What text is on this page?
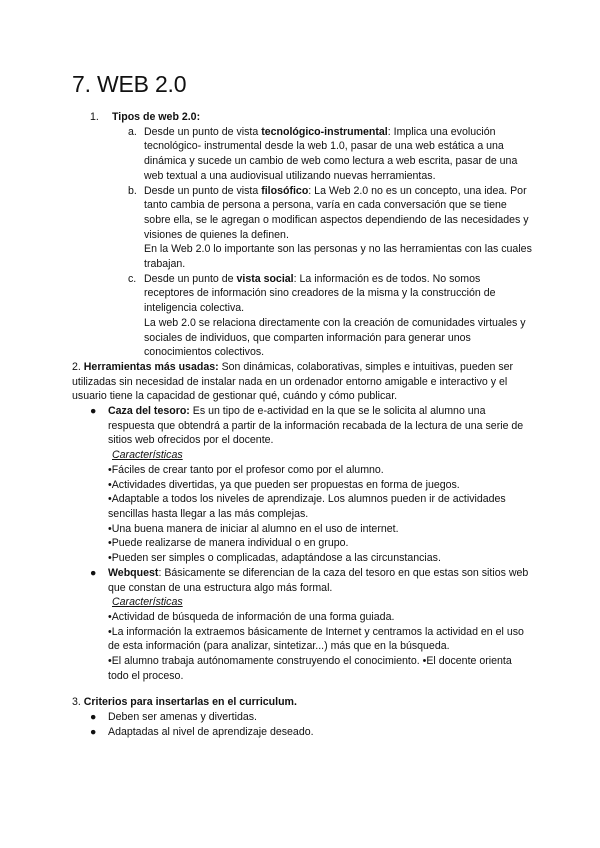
7. WEB 2.0
1. Tipos de web 2.0:
a. Desde un punto de vista tecnológico-instrumental: Implica una evolución tecnológico- instrumental desde la web 1.0, pasar de una web estática a una dinámica y sucede un cambio de web como lectura a web escrita, pasar de una web textual a una audiovisual utilizando nuevas herramientas.
b. Desde un punto de vista filosófico: La Web 2.0 no es un concepto, una idea. Por tanto cambia de persona a persona, varía en cada conversación que se tiene sobre ella, se le agregan o modifican aspectos dependiendo de las necesidades y visiones de quienes la definen.
En la Web 2.0 lo importante son las personas y no las herramientas con las cuales trabajan.
c. Desde un punto de vista social: La información es de todos. No somos receptores de información sino creadores de la misma y la construcción de inteligencia colectiva.
La web 2.0 se relaciona directamente con la creación de comunidades virtuales y sociales de individuos, que comparten información para generar unos conocimientos colectivos.
2. Herramientas más usadas: Son dinámicas, colaborativas, simples e intuitivas, pueden ser utilizadas sin necesidad de instalar nada en un ordenador entorno amigable e interactivo y el usuario tiene la capacidad de gestionar qué, cuándo y cómo publicar.
● Caza del tesoro: Es un tipo de e-actividad en la que se le solicita al alumno una respuesta que obtendrá a partir de la información recabada de la lectura de una serie de sitios web ofrecidos por el docente.
Características
•Fáciles de crear tanto por el profesor como por el alumno.
•Actividades divertidas, ya que pueden ser propuestas en forma de juegos.
•Adaptable a todos los niveles de aprendizaje. Los alumnos pueden ir de actividades sencillas hasta llegar a las más complejas.
•Una buena manera de iniciar al alumno en el uso de internet.
•Puede realizarse de manera individual o en grupo.
•Pueden ser simples o complicadas, adaptándose a las circunstancias.
● Webquest: Básicamente se diferencian de la caza del tesoro en que estas son sitios web que constan de una estructura algo más formal.
Características
•Actividad de búsqueda de información de una forma guiada.
•La información la extraemos básicamente de Internet y centramos la actividad en el uso de esta información (para analizar, sintetizar...) más que en la búsqueda.
•El alumno trabaja autónomamente construyendo el conocimiento. •El docente orienta todo el proceso.
3. Criterios para insertarlas en el curriculum.
● Deben ser amenas y divertidas.
● Adaptadas al nivel de aprendizaje deseado.
